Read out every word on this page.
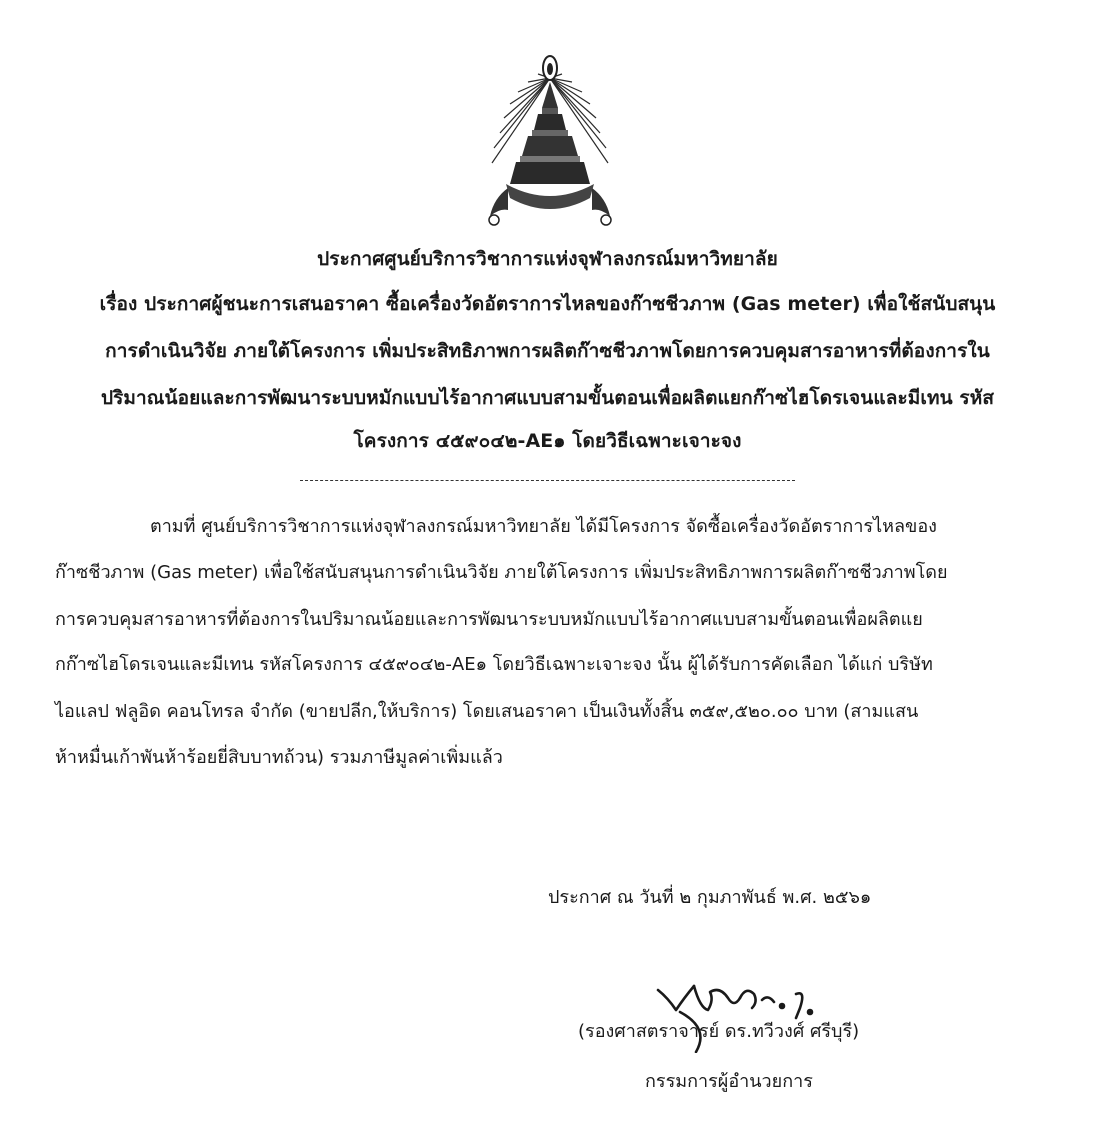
ประกาศศูนย์บริการวิชาการแห่งจุฬาลงกรณ์มหาวิทยาลัย
เรื่อง ประกาศผู้ชนะการเสนอราคา ซื้อเครื่องวัดอัตราการไหลของก๊าซชีวภาพ (Gas meter) เพื่อใช้สนับสนุน
การดำเนินวิจัย ภายใต้โครงการ เพิ่มประสิทธิภาพการผลิตก๊าซชีวภาพโดยการควบคุมสารอาหารที่ต้องการใน
ปริมาณน้อยและการพัฒนาระบบหมักแบบไร้อากาศแบบสามขั้นตอนเพื่อผลิตแยกก๊าซไฮโดรเจนและมีเทน รหัส
โครงการ ๔๕๙๐๔๒-AE๑ โดยวิธีเฉพาะเจาะจง
ตามที่ ศูนย์บริการวิชาการแห่งจุฬาลงกรณ์มหาวิทยาลัย ได้มีโครงการ จัดซื้อเครื่องวัดอัตราการไหลของ
ก๊าซชีวภาพ (Gas meter) เพื่อใช้สนับสนุนการดำเนินวิจัย ภายใต้โครงการ เพิ่มประสิทธิภาพการผลิตก๊าซชีวภาพโดย
การควบคุมสารอาหารที่ต้องการในปริมาณน้อยและการพัฒนาระบบหมักแบบไร้อากาศแบบสามขั้นตอนเพื่อผลิตแย
กก๊าซไฮโดรเจนและมีเทน รหัสโครงการ ๔๕๙๐๔๒-AE๑ โดยวิธีเฉพาะเจาะจง นั้น ผู้ได้รับการคัดเลือก ได้แก่ บริษัท
ไอแลป ฟลูอิด คอนโทรล จำกัด (ขายปลีก,ให้บริการ) โดยเสนอราคา เป็นเงินทั้งสิ้น ๓๕๙,๕๒๐.๐๐ บาท (สามแสน
ห้าหมื่นเก้าพันห้าร้อยยี่สิบบาทถ้วน) รวมภาษีมูลค่าเพิ่มแล้ว
ประกาศ ณ วันที่ ๒ กุมภาพันธ์ พ.ศ. ๒๕๖๑
(รองศาสตราจารย์ ดร.ทวีวงศ์ ศรีบุรี)
กรรมการผู้อำนวยการ
